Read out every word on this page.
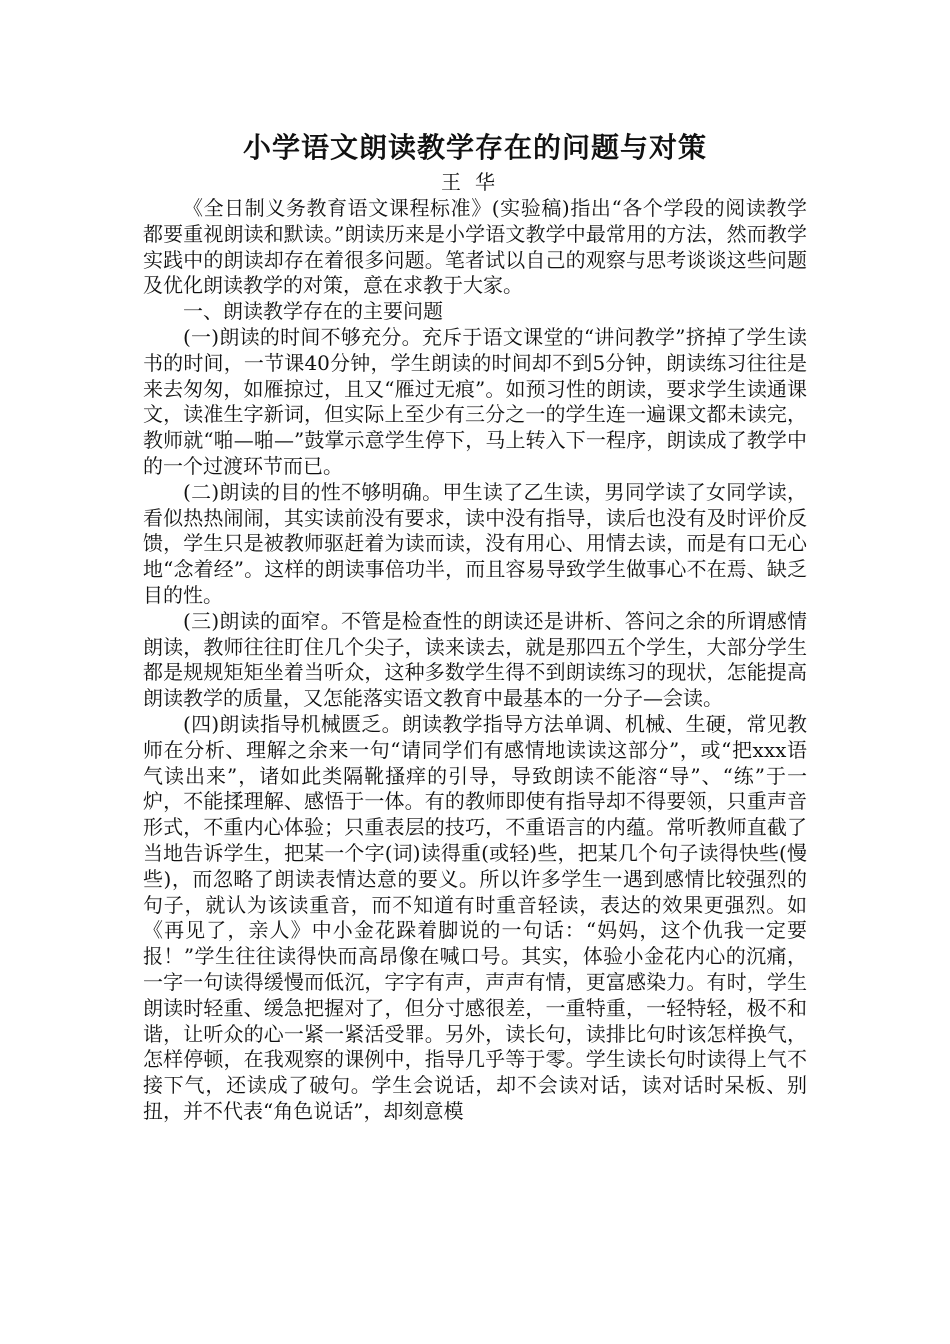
小学语文朗读教学存在的问题与对策

王华

《全日制义务教育语文课程标准》(实验稿)指出“各个学段的阅读教学都要重视朗读和默读。”朗读历来是小学语文教学中最常用的方法，然而教学实践中的朗读却存在着很多问题。笔者试以自己的观察与思考谈谈这些问题及优化朗读教学的对策，意在求教于大家。

一、朗读教学存在的主要问题

(一)朗读的时间不够充分。充斥于语文课堂的“讲问教学”挤掉了学生读书的时间，一节课40分钟，学生朗读的时间却不到5分钟，朗读练习往往是来去匆匆，如雁掠过，且又“雁过无痕”。如预习性的朗读，要求学生读通课文，读准生字新词，但实际上至少有三分之一的学生连一遍课文都未读完，教师就“啪—啪—”鼓掌示意学生停下，马上转入下一程序，朗读成了教学中的一个过渡环节而已。

(二)朗读的目的性不够明确。甲生读了乙生读，男同学读了女同学读，看似热热闹闹，其实读前没有要求，读中没有指导，读后也没有及时评价反馈，学生只是被教师驱赶着为读而读，没有用心、用情去读，而是有口无心地“念着经”。这样的朗读事倍功半，而且容易导致学生做事心不在焉、缺乏目的性。

(三)朗读的面窄。不管是检查性的朗读还是讲析、答问之余的所谓感情朗读，教师往往盯住几个尖子，读来读去，就是那四五个学生，大部分学生都是规规矩矩坐着当听众，这种多数学生得不到朗读练习的现状，怎能提高朗读教学的质量，又怎能落实语文教育中最基本的一分子—会读。

(四)朗读指导机械匮乏。朗读教学指导方法单调、机械、生硬，常见教师在分析、理解之余来一句“请同学们有感情地读读这部分”，或“把xxx语气读出来”，诸如此类隔靴搔痒的引导，导致朗读不能溶“导”、“练”于一炉，不能揉理解、感悟于一体。有的教师即使有指导却不得要领，只重声音形式，不重内心体验；只重表层的技巧，不重语言的内蕴。常听教师直截了当地告诉学生，把某一个字(词)读得重(或轻)些，把某几个句子读得快些(慢些)，而忽略了朗读表情达意的要义。所以许多学生一遇到感情比较强烈的句子，就认为该读重音，而不知道有时重音轻读，表达的效果更强烈。如《再见了，亲人》中小金花跺着脚说的一句话：“妈妈，这个仇我一定要报！”学生往往读得快而高昂像在喊口号。其实，体验小金花内心的沉痛，一字一句读得缓慢而低沉，字字有声，声声有情，更富感染力。有时，学生朗读时轻重、缓急把握对了，但分寸感很差，一重特重，一轻特轻，极不和谐，让听众的心一紧一紧活受罪。另外，读长句，读排比句时该怎样换气，怎样停顿，在我观察的课例中，指导几乎等于零。学生读长句时读得上气不接下气，还读成了破句。学生会说话，却不会读对话，读对话时呆板、别扭，并不代表“角色说话”，却刻意模
